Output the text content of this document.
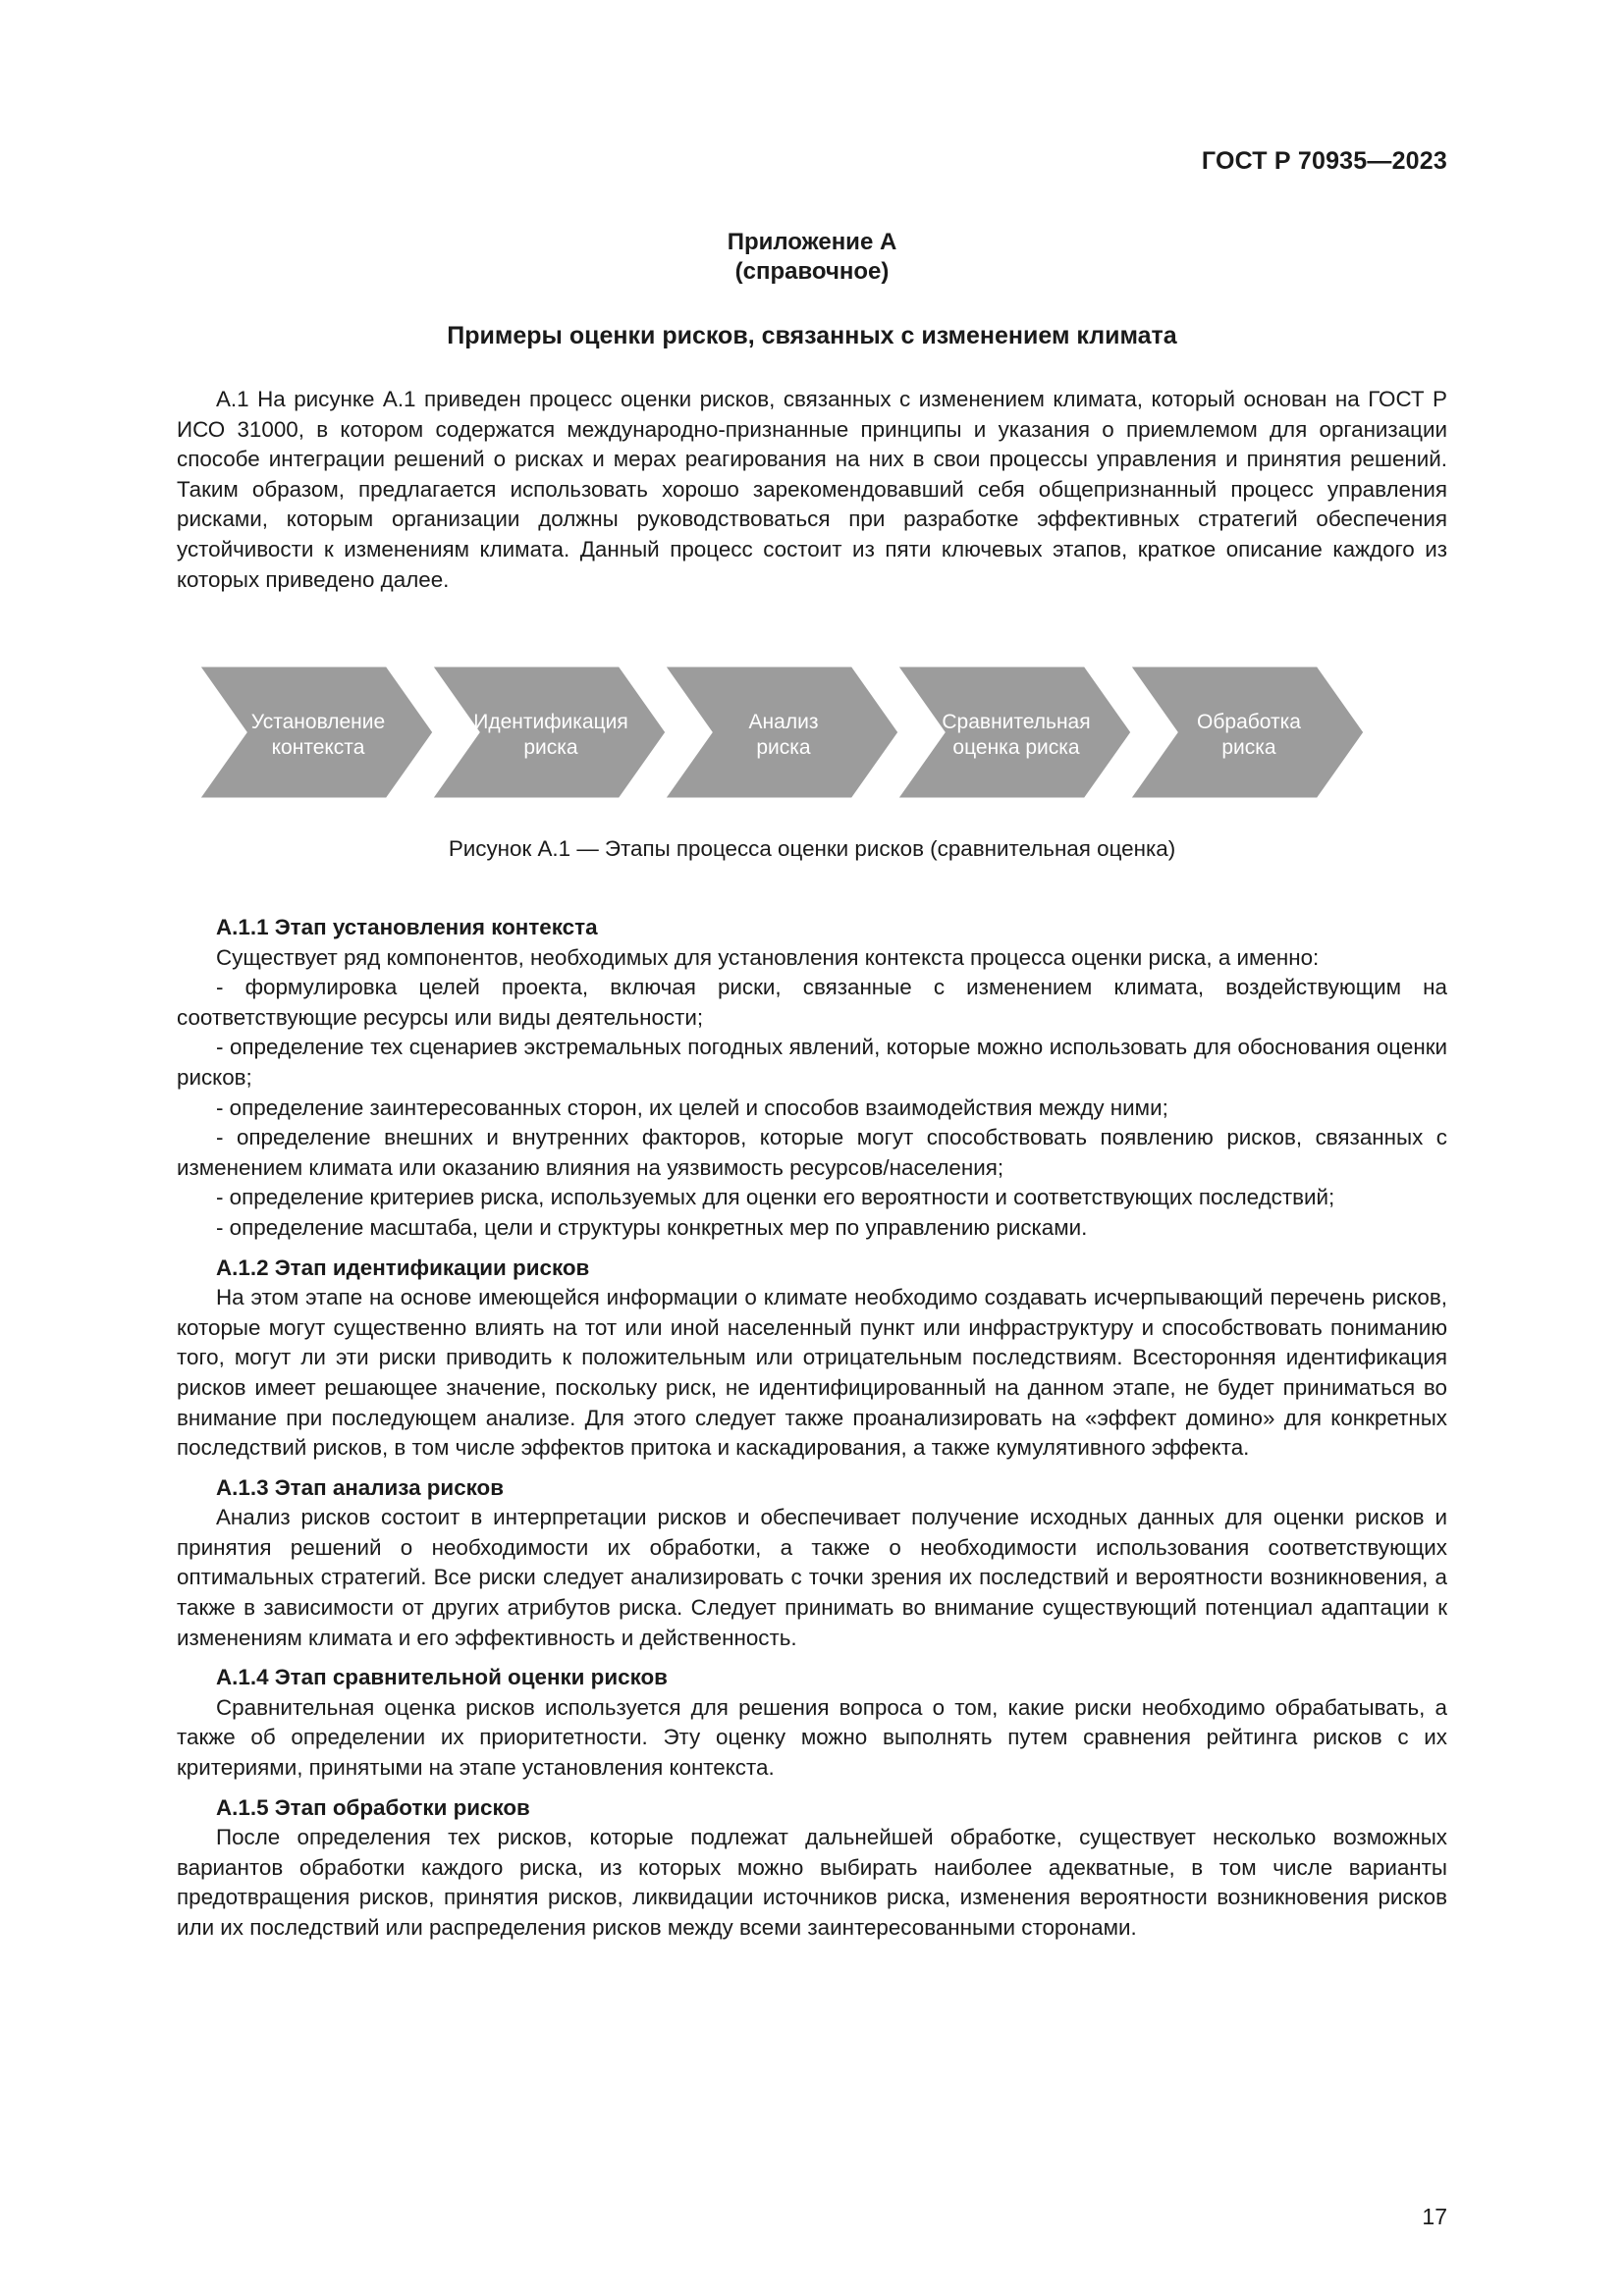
ГОСТ Р 70935—2023
Приложение А
(справочное)
Примеры оценки рисков, связанных с изменением климата

А.1 На рисунке А.1 приведен процесс оценки рисков, связанных с изменением климата, который основан на ГОСТ Р ИСО 31000, в котором содержатся международно-признанные принципы и указания о приемлемом для организации способе интеграции решений о рисках и мерах реагирования на них в свои процессы управления и принятия решений. Таким образом, предлагается использовать хорошо зарекомендовавший себя общепризнанный процесс управления рисками, которым организации должны руководствоваться при разработке эффективных стратегий обеспечения устойчивости к изменениям климата. Данный процесс состоит из пяти ключевых этапов, краткое описание каждого из которых приведено далее.

Установление
контекста
Идентификация
риска
Анализ
риска
Сравнительная
оценка риска
Обработка
риска
Рисунок А.1 — Этапы процесса оценки рисков (сравнительная оценка)

А.1.1 Этап установления контекста

Существует ряд компонентов, необходимых для установления контекста процесса оценки риска, а именно:

- формулировка целей проекта, включая риски, связанные с изменением климата, воздействующим на соответствующие ресурсы или виды деятельности;

- определение тех сценариев экстремальных погодных явлений, которые можно использовать для обоснования оценки рисков;

- определение заинтересованных сторон, их целей и способов взаимодействия между ними;

- определение внешних и внутренних факторов, которые могут способствовать появлению рисков, связанных с изменением климата или оказанию влияния на уязвимость ресурсов/населения;

- определение критериев риска, используемых для оценки его вероятности и соответствующих последствий;

- определение масштаба, цели и структуры конкретных мер по управлению рисками.

А.1.2 Этап идентификации рисков

На этом этапе на основе имеющейся информации о климате необходимо создавать исчерпывающий перечень рисков, которые могут существенно влиять на тот или иной населенный пункт или инфраструктуру и способствовать пониманию того, могут ли эти риски приводить к положительным или отрицательным последствиям. Всесторонняя идентификация рисков имеет решающее значение, поскольку риск, не идентифицированный на данном этапе, не будет приниматься во внимание при последующем анализе. Для этого следует также проанализировать на «эффект домино» для конкретных последствий рисков, в том числе эффектов притока и каскадирования, а также кумулятивного эффекта.

А.1.3 Этап анализа рисков

Анализ рисков состоит в интерпретации рисков и обеспечивает получение исходных данных для оценки рисков и принятия решений о необходимости их обработки, а также о необходимости использования соответствующих оптимальных стратегий. Все риски следует анализировать с точки зрения их последствий и вероятности возникновения, а также в зависимости от других атрибутов риска. Следует принимать во внимание существующий потенциал адаптации к изменениям климата и его эффективность и действенность.

А.1.4 Этап сравнительной оценки рисков

Сравнительная оценка рисков используется для решения вопроса о том, какие риски необходимо обрабатывать, а также об определении их приоритетности. Эту оценку можно выполнять путем сравнения рейтинга рисков с их критериями, принятыми на этапе установления контекста.

А.1.5 Этап обработки рисков

После определения тех рисков, которые подлежат дальнейшей обработке, существует несколько возможных вариантов обработки каждого риска, из которых можно выбирать наиболее адекватные, в том числе варианты предотвращения рисков, принятия рисков, ликвидации источников риска, изменения вероятности возникновения рисков или их последствий или распределения рисков между всеми заинтересованными сторонами.

17
